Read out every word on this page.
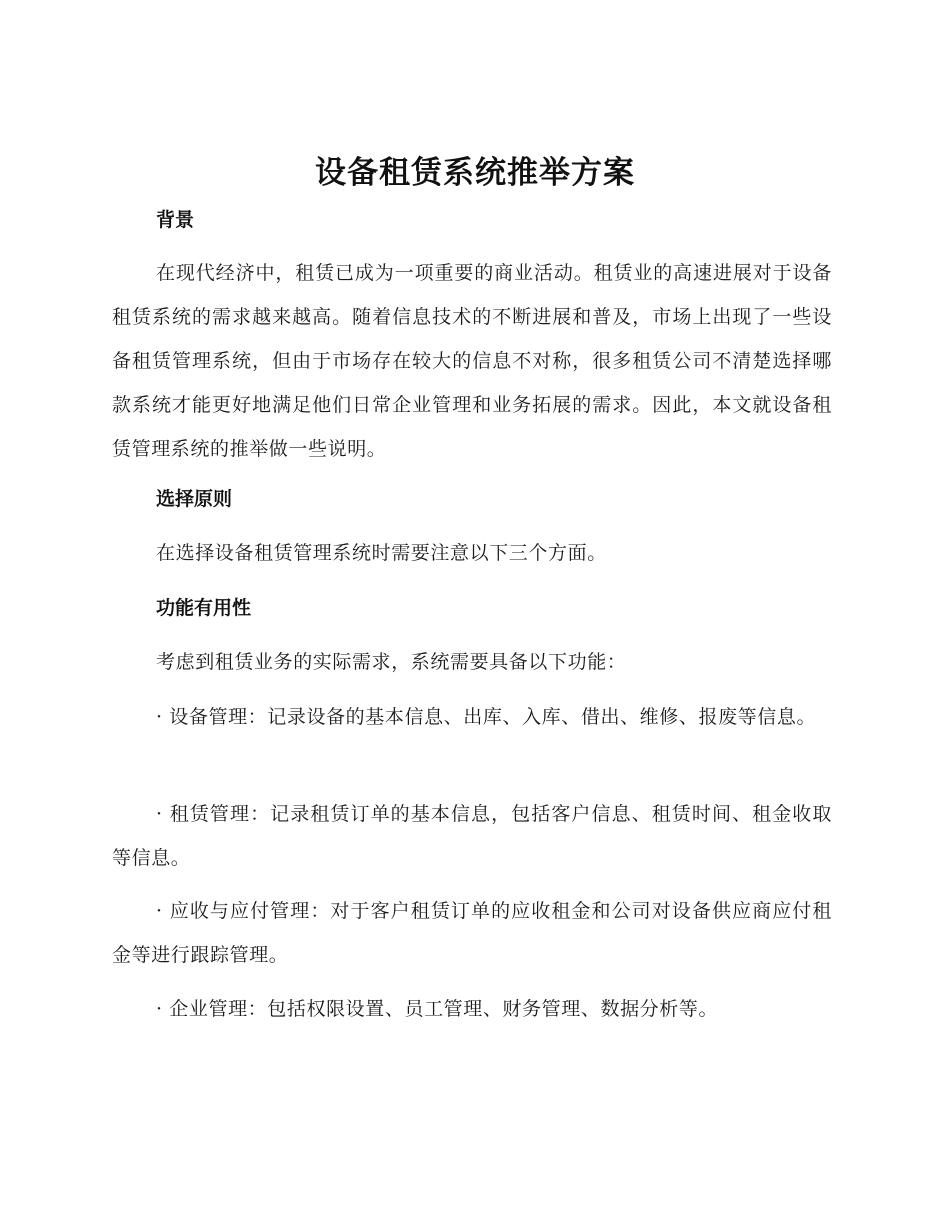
设备租赁系统推举方案
背景

在现代经济中，租赁已成为一项重要的商业活动。租赁业的高速进展对于设备租赁系统的需求越来越高。随着信息技术的不断进展和普及，市场上出现了一些设备租赁管理系统，但由于市场存在较大的信息不对称，很多租赁公司不清楚选择哪款系统才能更好地满足他们日常企业管理和业务拓展的需求。因此，本文就设备租赁管理系统的推举做一些说明。

选择原则

在选择设备租赁管理系统时需要注意以下三个方面。

功能有用性

考虑到租赁业务的实际需求，系统需要具备以下功能：

· 设备管理：记录设备的基本信息、出库、入库、借出、维修、报废等信息。

· 租赁管理：记录租赁订单的基本信息，包括客户信息、租赁时间、租金收取等信息。

· 应收与应付管理：对于客户租赁订单的应收租金和公司对设备供应商应付租金等进行跟踪管理。

· 企业管理：包括权限设置、员工管理、财务管理、数据分析等。
